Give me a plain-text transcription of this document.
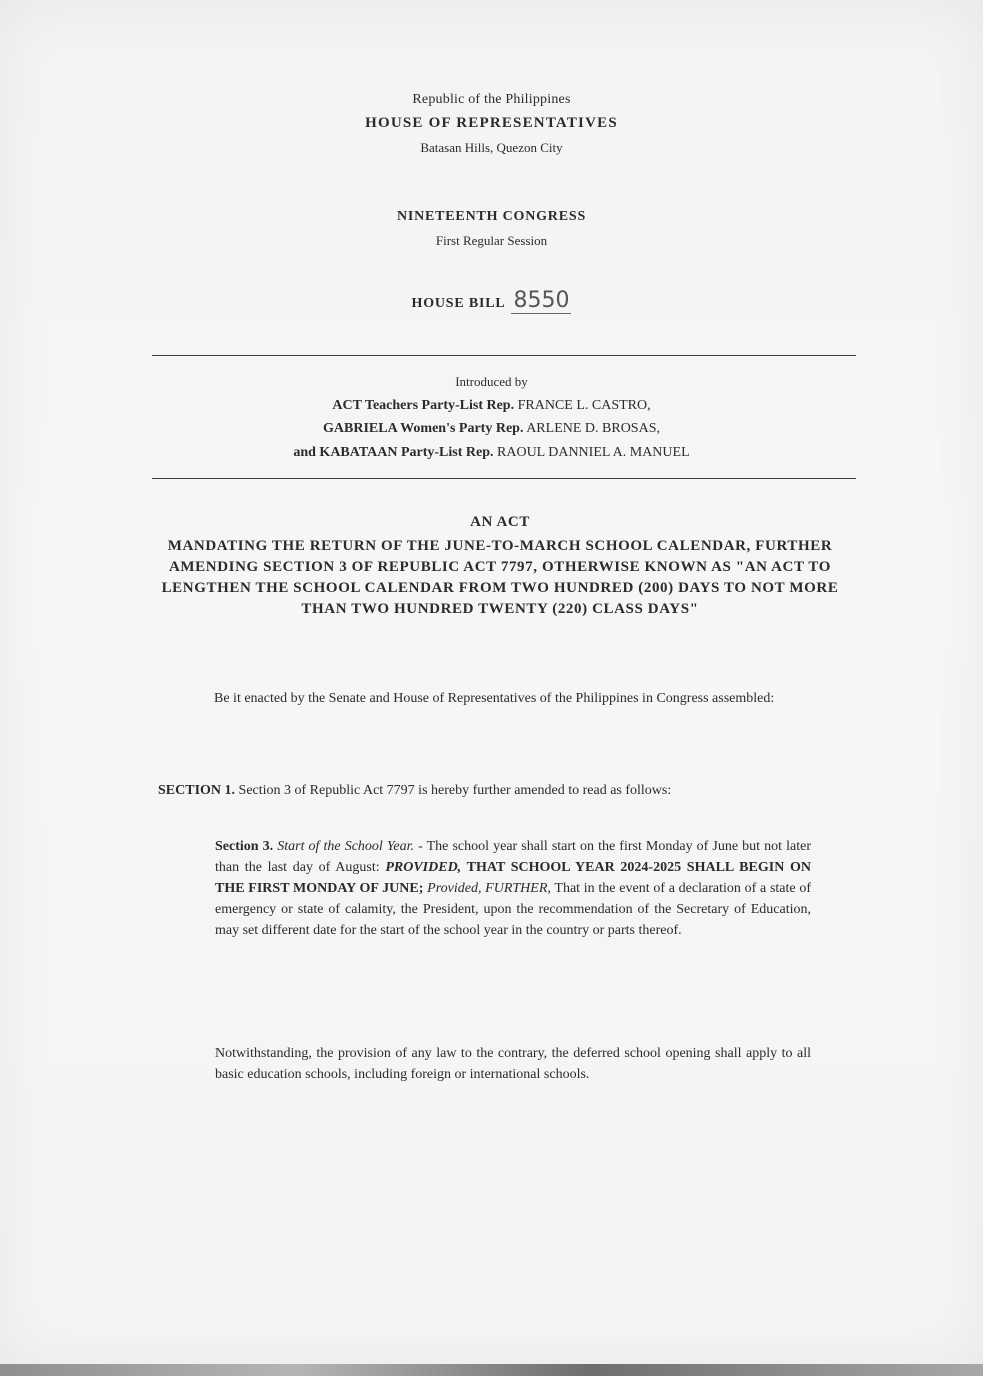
Republic of the Philippines
HOUSE OF REPRESENTATIVES
Batasan Hills, Quezon City
NINETEENTH CONGRESS
First Regular Session
HOUSE BILL 8550
Introduced by
ACT Teachers Party-List Rep. FRANCE L. CASTRO,
GABRIELA Women's Party Rep. ARLENE D. BROSAS,
and KABATAAN Party-List Rep. RAOUL DANNIEL A. MANUEL
AN ACT
MANDATING THE RETURN OF THE JUNE-TO-MARCH SCHOOL CALENDAR, FURTHER AMENDING SECTION 3 OF REPUBLIC ACT 7797, OTHERWISE KNOWN AS "AN ACT TO LENGTHEN THE SCHOOL CALENDAR FROM TWO HUNDRED (200) DAYS TO NOT MORE THAN TWO HUNDRED TWENTY (220) CLASS DAYS"
Be it enacted by the Senate and House of Representatives of the Philippines in Congress assembled:
SECTION 1. Section 3 of Republic Act 7797 is hereby further amended to read as follows:
Section 3. Start of the School Year. - The school year shall start on the first Monday of June but not later than the last day of August: PROVIDED, THAT SCHOOL YEAR 2024-2025 SHALL BEGIN ON THE FIRST MONDAY OF JUNE; Provided, FURTHER, That in the event of a declaration of a state of emergency or state of calamity, the President, upon the recommendation of the Secretary of Education, may set different date for the start of the school year in the country or parts thereof.
Notwithstanding, the provision of any law to the contrary, the deferred school opening shall apply to all basic education schools, including foreign or international schools.
